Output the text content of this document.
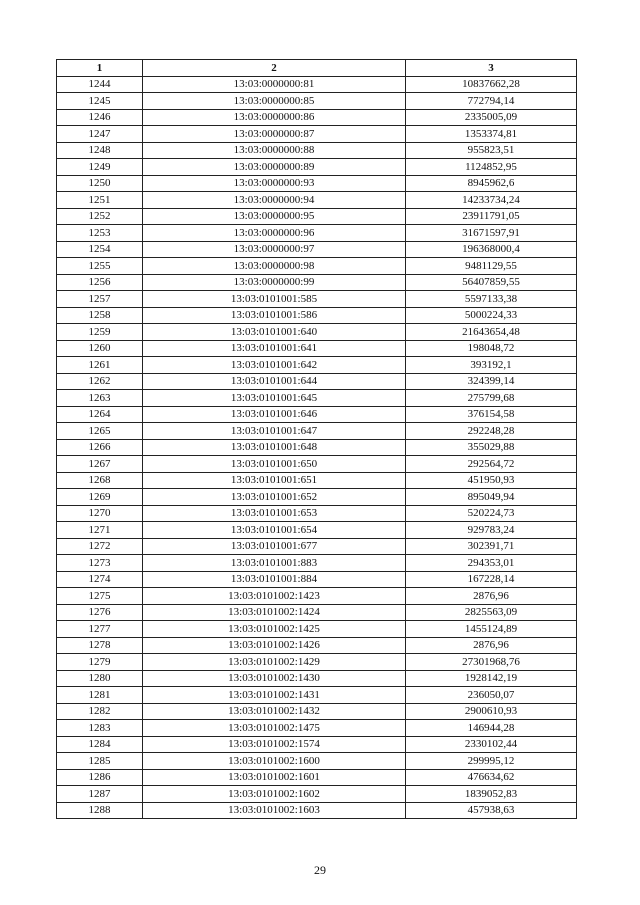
1	2	3
1244	13:03:0000000:81	10837662,28
1245	13:03:0000000:85	772794,14
1246	13:03:0000000:86	2335005,09
1247	13:03:0000000:87	1353374,81
1248	13:03:0000000:88	955823,51
1249	13:03:0000000:89	1124852,95
1250	13:03:0000000:93	8945962,6
1251	13:03:0000000:94	14233734,24
1252	13:03:0000000:95	23911791,05
1253	13:03:0000000:96	31671597,91
1254	13:03:0000000:97	196368000,4
1255	13:03:0000000:98	9481129,55
1256	13:03:0000000:99	56407859,55
1257	13:03:0101001:585	5597133,38
1258	13:03:0101001:586	5000224,33
1259	13:03:0101001:640	21643654,48
1260	13:03:0101001:641	198048,72
1261	13:03:0101001:642	393192,1
1262	13:03:0101001:644	324399,14
1263	13:03:0101001:645	275799,68
1264	13:03:0101001:646	376154,58
1265	13:03:0101001:647	292248,28
1266	13:03:0101001:648	355029,88
1267	13:03:0101001:650	292564,72
1268	13:03:0101001:651	451950,93
1269	13:03:0101001:652	895049,94
1270	13:03:0101001:653	520224,73
1271	13:03:0101001:654	929783,24
1272	13:03:0101001:677	302391,71
1273	13:03:0101001:883	294353,01
1274	13:03:0101001:884	167228,14
1275	13:03:0101002:1423	2876,96
1276	13:03:0101002:1424	2825563,09
1277	13:03:0101002:1425	1455124,89
1278	13:03:0101002:1426	2876,96
1279	13:03:0101002:1429	27301968,76
1280	13:03:0101002:1430	1928142,19
1281	13:03:0101002:1431	236050,07
1282	13:03:0101002:1432	2900610,93
1283	13:03:0101002:1475	146944,28
1284	13:03:0101002:1574	2330102,44
1285	13:03:0101002:1600	299995,12
1286	13:03:0101002:1601	476634,62
1287	13:03:0101002:1602	1839052,83
1288	13:03:0101002:1603	457938,63
29
